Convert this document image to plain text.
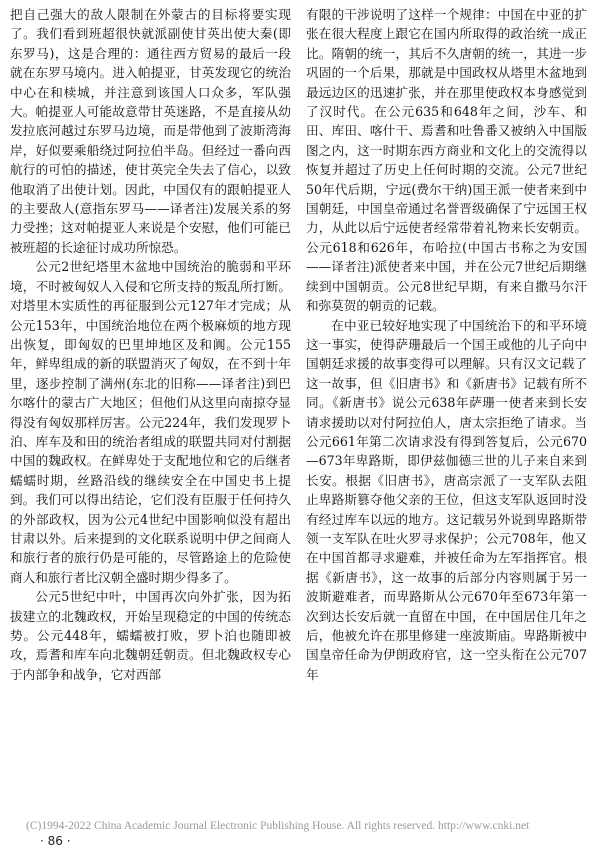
把自己强大的敌人限制在外蒙古的目标将要实现了。我们看到班超很快就派副使甘英出使大秦(即东罗马)，这是合理的：通往西方贸易的最后一段就在东罗马境内。进入帕提亚，甘英发现它的统治中心在和椟城，并注意到该国人口众多，军队强大。帕提亚人可能故意带甘英迷路，不是直接从幼发拉底河越过东罗马边境，而是带他到了波斯湾海岸，好似要乘船绕过阿拉伯半岛。但经过一番向西航行的可怕的描述，使甘英完全失去了信心，以致他取消了出使计划。因此，中国仅有的跟帕提亚人的主要敌人(意指东罗马——译者注)发展关系的努力受挫；这对帕提亚人来说是个安慰，他们可能已被班超的长途征讨成功所惊恐。

公元2世纪塔里木盆地中国统治的脆弱和平环境，不时被匈奴人入侵和它所支持的叛乱所打断。对塔里木实质性的再征服到公元127年才完成；从公元153年，中国统治地位在两个极麻烦的地方现出恢复，即匈奴的巴里坤地区及和阗。公元155年，鲜卑组成的新的联盟消灭了匈奴，在不到十年里，逐步控制了满州(东北的旧称——译者注)到巴尔喀什的蒙古广大地区；但他们从这里向南掠夺显得没有匈奴那样厉害。公元224年，我们发现罗卜泊、库车及和田的统治者组成的联盟共同对付割据中国的魏政权。在鲜卑处于支配地位和它的后继者蠕蠕时期，丝路沿线的继续安全在中国史书上提到。我们可以得出结论，它们没有臣服于任何持久的外部政权，因为公元4世纪中国影响似没有超出甘肃以外。后来提到的文化联系说明中伊之间商人和旅行者的旅行仍是可能的，尽管路途上的危险使商人和旅行者比汉朝全盛时期少得多了。

公元5世纪中叶，中国再次向外扩张，因为拓拔建立的北魏政权，开始呈现稳定的中国的传统态势。公元448年，蠕蠕被打败，罗卜泊也随即被攻，焉耆和库车向北魏朝廷朝贡。但北魏政权专心于内部争和战争，它对西部

有限的干涉说明了这样一个规律：中国在中亚的扩张在很大程度上跟它在国内所取得的政治统一成正比。隋朝的统一，其后不久唐朝的统一，其进一步巩固的一个后果，那就是中国政权从塔里木盆地到最远边区的迅速扩张，并在那里使政权本身感觉到了汉时代。在公元635和648年之间，沙车、和田、库田、喀什干、焉耆和吐鲁番又被纳入中国版图之内，这一时期东西方商业和文化上的交流得以恢复并超过了历史上任何时期的交流。公元7世纪50年代后期，宁远(费尔干纳)国王派一使者来到中国朝廷，中国皇帝通过名誉晋级确保了宁远国王权力，从此以后宁远使者经常带着礼物来长安朝贡。公元618和626年，布哈拉(中国古书称之为安国——译者注)派使者来中国，并在公元7世纪后期继续到中国朝贡。公元8世纪早期，有来自撒马尔汗和弥莫贺的朝贡的记载。

在中亚已较好地实现了中国统治下的和平环境这一事实，使得萨珊最后一个国王或他的儿子向中国朝廷求援的故事变得可以理解。只有汉文记载了这一故事，但《旧唐书》和《新唐书》记载有所不同。《新唐书》说公元638年萨珊一使者来到长安请求援助以对付阿拉伯人，唐太宗拒绝了请求。当公元661年第二次请求没有得到答复后，公元670—673年卑路斯，即伊兹伽德三世的儿子来自来到长安。根据《旧唐书》，唐高宗派了一支军队去阻止卑路斯篡夺他父亲的王位，但这支军队返回时没有经过库车以远的地方。这记载另外说到卑路斯带领一支军队在吐火罗寻求保护；公元708年，他又在中国首都寻求避难，并被任命为左军指挥官。根据《新唐书》，这一故事的后部分内容则属于另一波斯避难者，而卑路斯从公元670年至673年第一次到达长安后就一直留在中国，在中国居住几年之后，他被允许在那里修建一座波斯庙。卑路斯被中国皇帝任命为伊朗政府官，这一空头衔在公元707年

(C)1994-2022 China Academic Journal Electronic Publishing House. All rights reserved. http://www.cnki.net
· 86 ·
